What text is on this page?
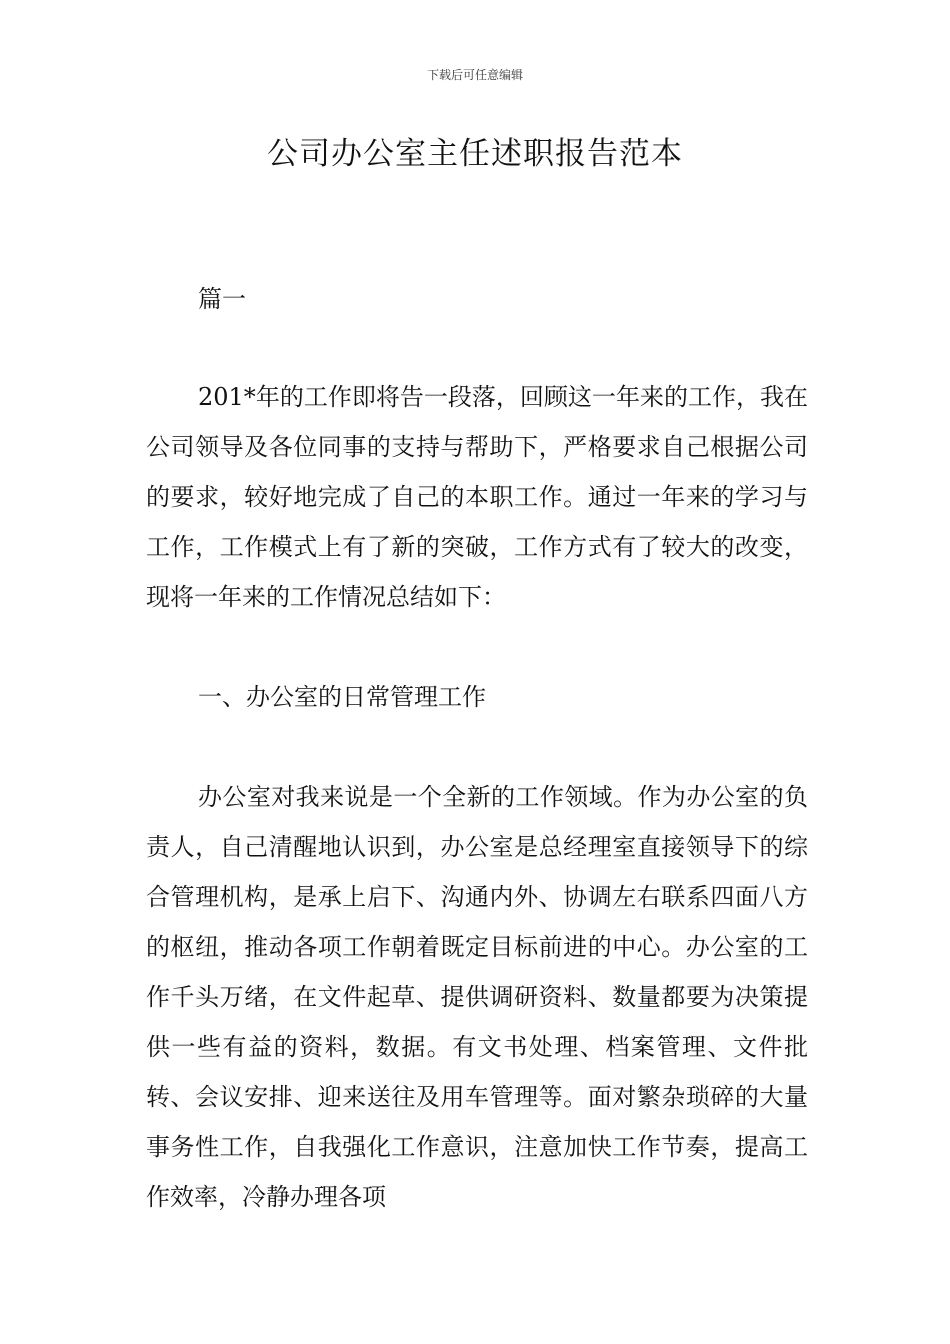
下载后可任意编辑
公司办公室主任述职报告范本

篇一

201*年的工作即将告一段落，回顾这一年来的工作，我在公司领导及各位同事的支持与帮助下，严格要求自己根据公司的要求，较好地完成了自己的本职工作。通过一年来的学习与工作，工作模式上有了新的突破，工作方式有了较大的改变，现将一年来的工作情况总结如下：

一、办公室的日常管理工作

办公室对我来说是一个全新的工作领域。作为办公室的负责人，自己清醒地认识到，办公室是总经理室直接领导下的综合管理机构，是承上启下、沟通内外、协调左右联系四面八方的枢纽，推动各项工作朝着既定目标前进的中心。办公室的工作千头万绪，在文件起草、提供调研资料、数量都要为决策提供一些有益的资料，数据。有文书处理、档案管理、文件批转、会议安排、迎来送往及用车管理等。面对繁杂琐碎的大量事务性工作，自我强化工作意识，注意加快工作节奏，提高工作效率，冷静办理各项
